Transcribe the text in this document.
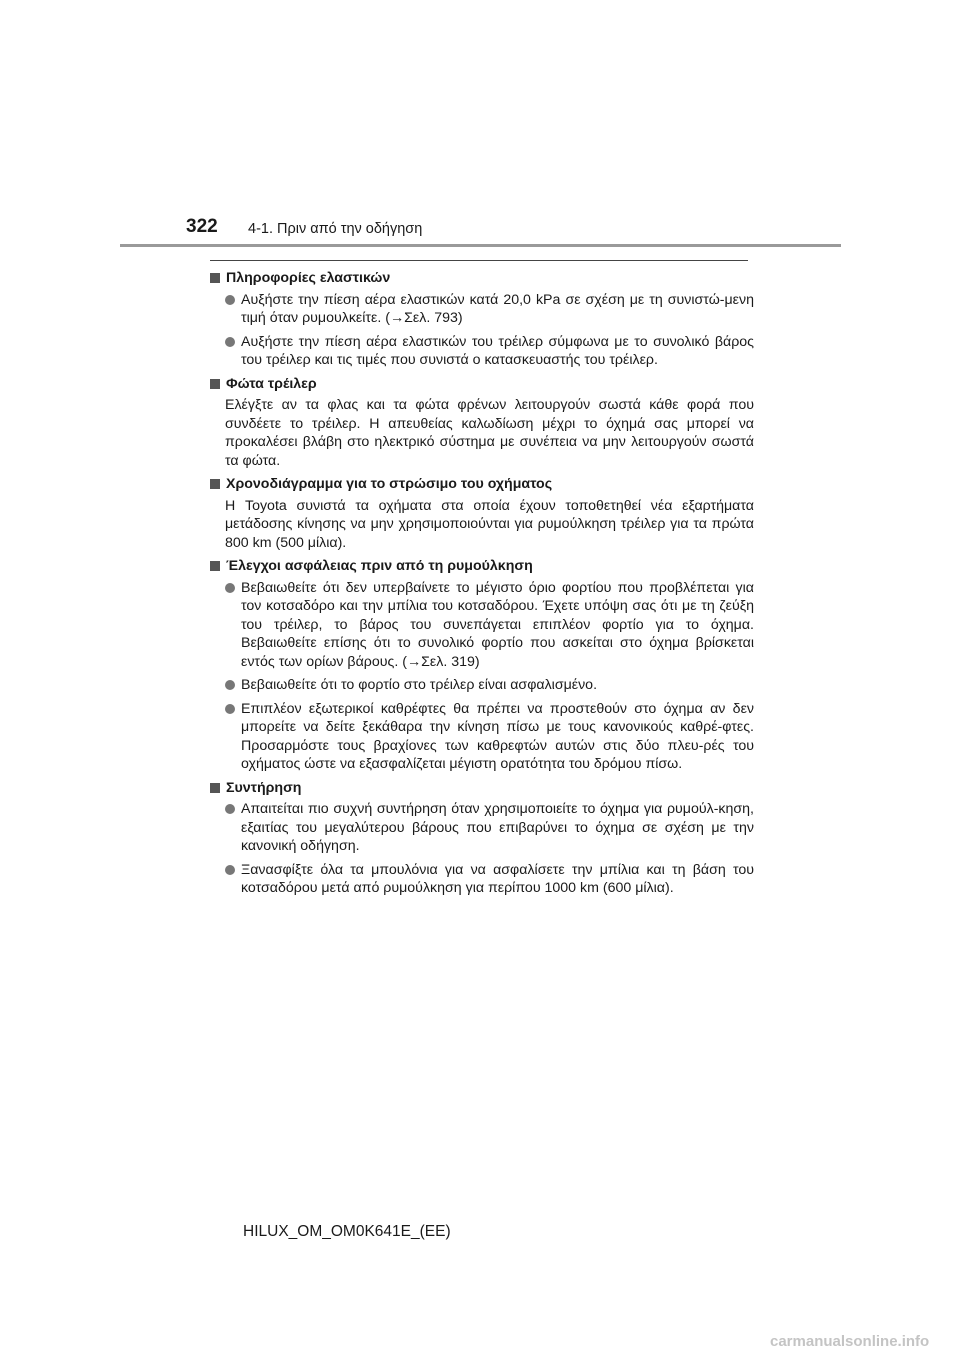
322 4-1. Πριν από την οδήγηση
Πληροφορίες ελαστικών
Αυξήστε την πίεση αέρα ελαστικών κατά 20,0 kPa σε σχέση με τη συνιστώ-μενη τιμή όταν ρυμουλκείτε. (→Σελ. 793)
Αυξήστε την πίεση αέρα ελαστικών του τρέιλερ σύμφωνα με το συνολικό βάρος του τρέιλερ και τις τιμές που συνιστά ο κατασκευαστής του τρέιλερ.
Φώτα τρέιλερ
Ελέγξτε αν τα φλας και τα φώτα φρένων λειτουργούν σωστά κάθε φορά που συνδέετε το τρέιλερ. Η απευθείας καλωδίωση μέχρι το όχημά σας μπορεί να προκαλέσει βλάβη στο ηλεκτρικό σύστημα με συνέπεια να μην λειτουργούν σωστά τα φώτα.
Χρονοδιάγραμμα για το στρώσιμο του οχήματος
Η Toyota συνιστά τα οχήματα στα οποία έχουν τοποθετηθεί νέα εξαρτήματα μετάδοσης κίνησης να μην χρησιμοποιούνται για ρυμούλκηση τρέιλερ για τα πρώτα 800 km (500 μίλια).
Έλεγχοι ασφάλειας πριν από τη ρυμούλκηση
Βεβαιωθείτε ότι δεν υπερβαίνετε το μέγιστο όριο φορτίου που προβλέπεται για τον κοτσαδόρο και την μπίλια του κοτσαδόρου. Έχετε υπόψη σας ότι με τη ζεύξη του τρέιλερ, το βάρος του συνεπάγεται επιπλέον φορτίο για το όχημα. Βεβαιωθείτε επίσης ότι το συνολικό φορτίο που ασκείται στο όχημα βρίσκεται εντός των ορίων βάρους. (→Σελ. 319)
Βεβαιωθείτε ότι το φορτίο στο τρέιλερ είναι ασφαλισμένο.
Επιπλέον εξωτερικοί καθρέφτες θα πρέπει να προστεθούν στο όχημα αν δεν μπορείτε να δείτε ξεκάθαρα την κίνηση πίσω με τους κανονικούς καθρέ-φτες. Προσαρμόστε τους βραχίονες των καθρεφτών αυτών στις δύο πλευ-ρές του οχήματος ώστε να εξασφαλίζεται μέγιστη ορατότητα του δρόμου πίσω.
Συντήρηση
Απαιτείται πιο συχνή συντήρηση όταν χρησιμοποιείτε το όχημα για ρυμούλ-κηση, εξαιτίας του μεγαλύτερου βάρους που επιβαρύνει το όχημα σε σχέση με την κανονική οδήγηση.
Ξανασφίξτε όλα τα μπουλόνια για να ασφαλίσετε την μπίλια και τη βάση του κοτσαδόρου μετά από ρυμούλκηση για περίπου 1000 km (600 μίλια).
HILUX_OM_OM0K641E_(EE)
carmanualsonline.info
